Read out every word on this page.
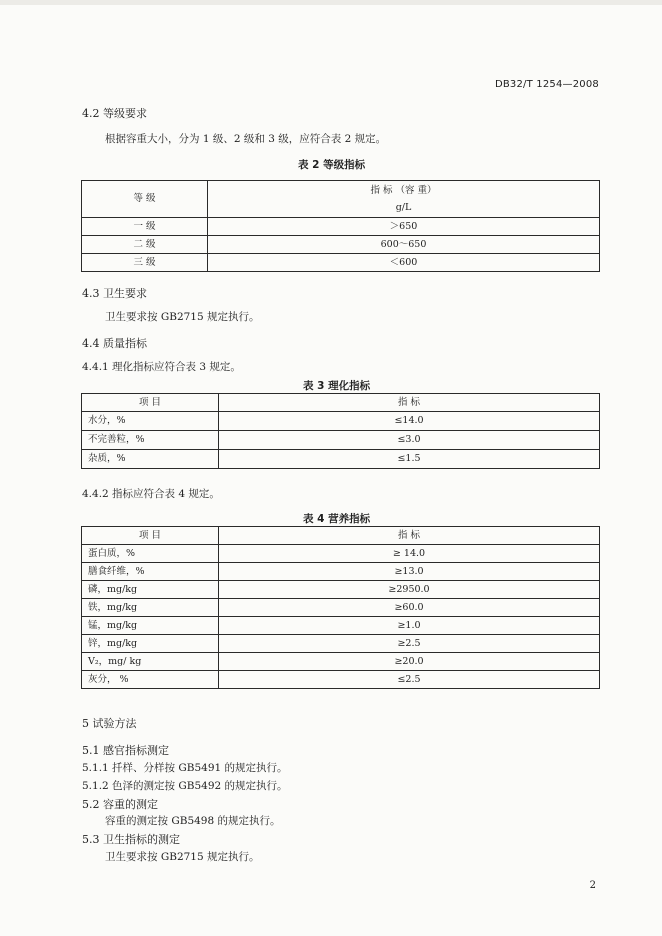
DB32/T 1254—2008
4.2 等级要求
根据容重大小，分为 1 级、2 级和 3 级，应符合表 2 规定。
表 2 等级指标
等 级	指 标 （容 重）
g/L

一 级	＞650
二 级	600～650
三 级	＜600
4.3 卫生要求
卫生要求按 GB2715 规定执行。
4.4 质量指标
4.4.1 理化指标应符合表 3 规定。
表 3 理化指标
项 目	指 标
水分，%	≤14.0
不完善粒，%	≤3.0
杂质，%	≤1.5
4.4.2 指标应符合表 4 规定。
表 4 营养指标
项 目	指 标
蛋白质，%	≥ 14.0
膳食纤维，%	≥13.0
磷，mg/kg	≥2950.0
铁，mg/kg	≥60.0
锰，mg/kg	≥1.0
锌，mg/kg	≥2.5
V₂，mg/ kg	≥20.0
灰分， %	≤2.5
5 试验方法
5.1 感官指标测定
5.1.1 扦样、分样按 GB5491 的规定执行。
5.1.2 色泽的测定按 GB5492 的规定执行。
5.2 容重的测定
容重的测定按 GB5498 的规定执行。
5.3 卫生指标的测定
卫生要求按 GB2715 规定执行。
2
